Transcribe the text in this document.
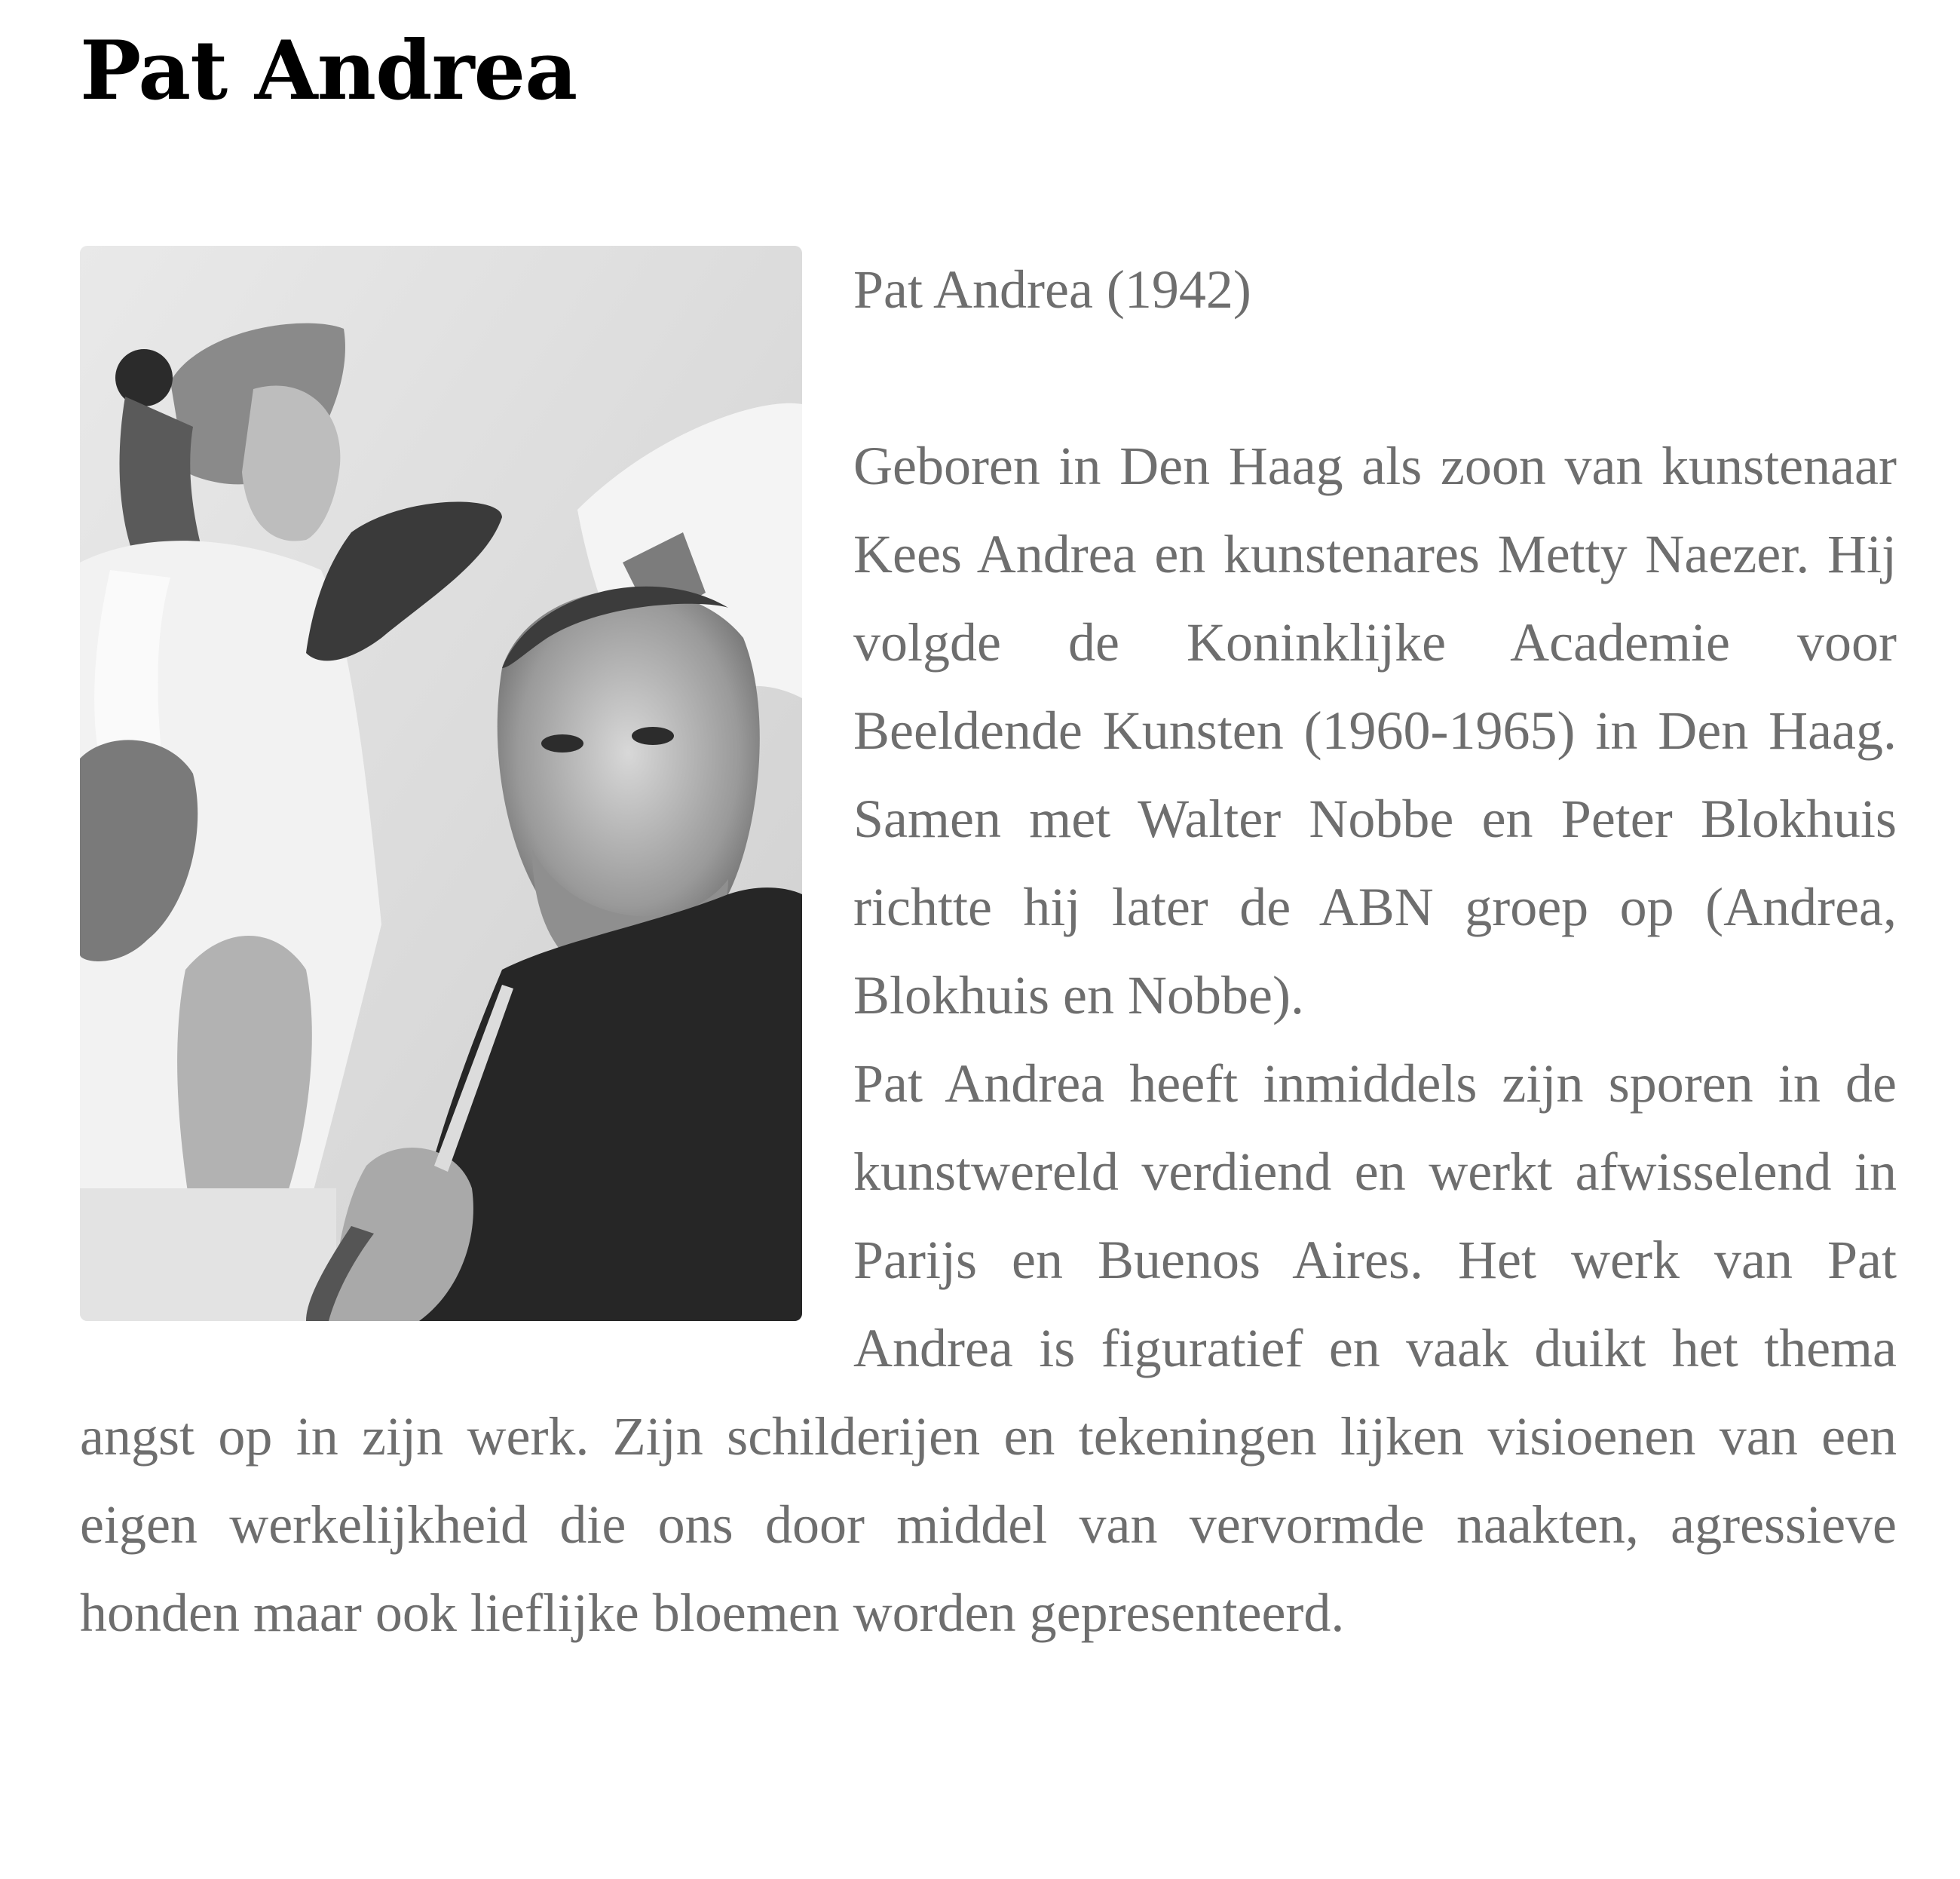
Pat Andrea

Pat Andrea (1942)

Geboren in Den Haag als zoon van kunstenaar Kees Andrea en kunstenares Metty Naezer. Hij volgde de Koninklijke Academie voor Beeldende Kunsten (1960-1965) in Den Haag. Samen met Walter Nobbe en Peter Blokhuis richtte hij later de ABN groep op (Andrea, Blokhuis en Nobbe).

Pat Andrea heeft inmiddels zijn sporen in de kunstwereld verdiend en werkt afwisselend in Parijs en Buenos Aires. Het werk van Pat Andrea is figuratief en vaak duikt het thema angst op in zijn werk. Zijn schilderijen en tekeningen lijken visioenen van een eigen werkelijkheid die ons door middel van vervormde naakten, agressieve honden maar ook lieflijke bloemen worden gepresenteerd.
